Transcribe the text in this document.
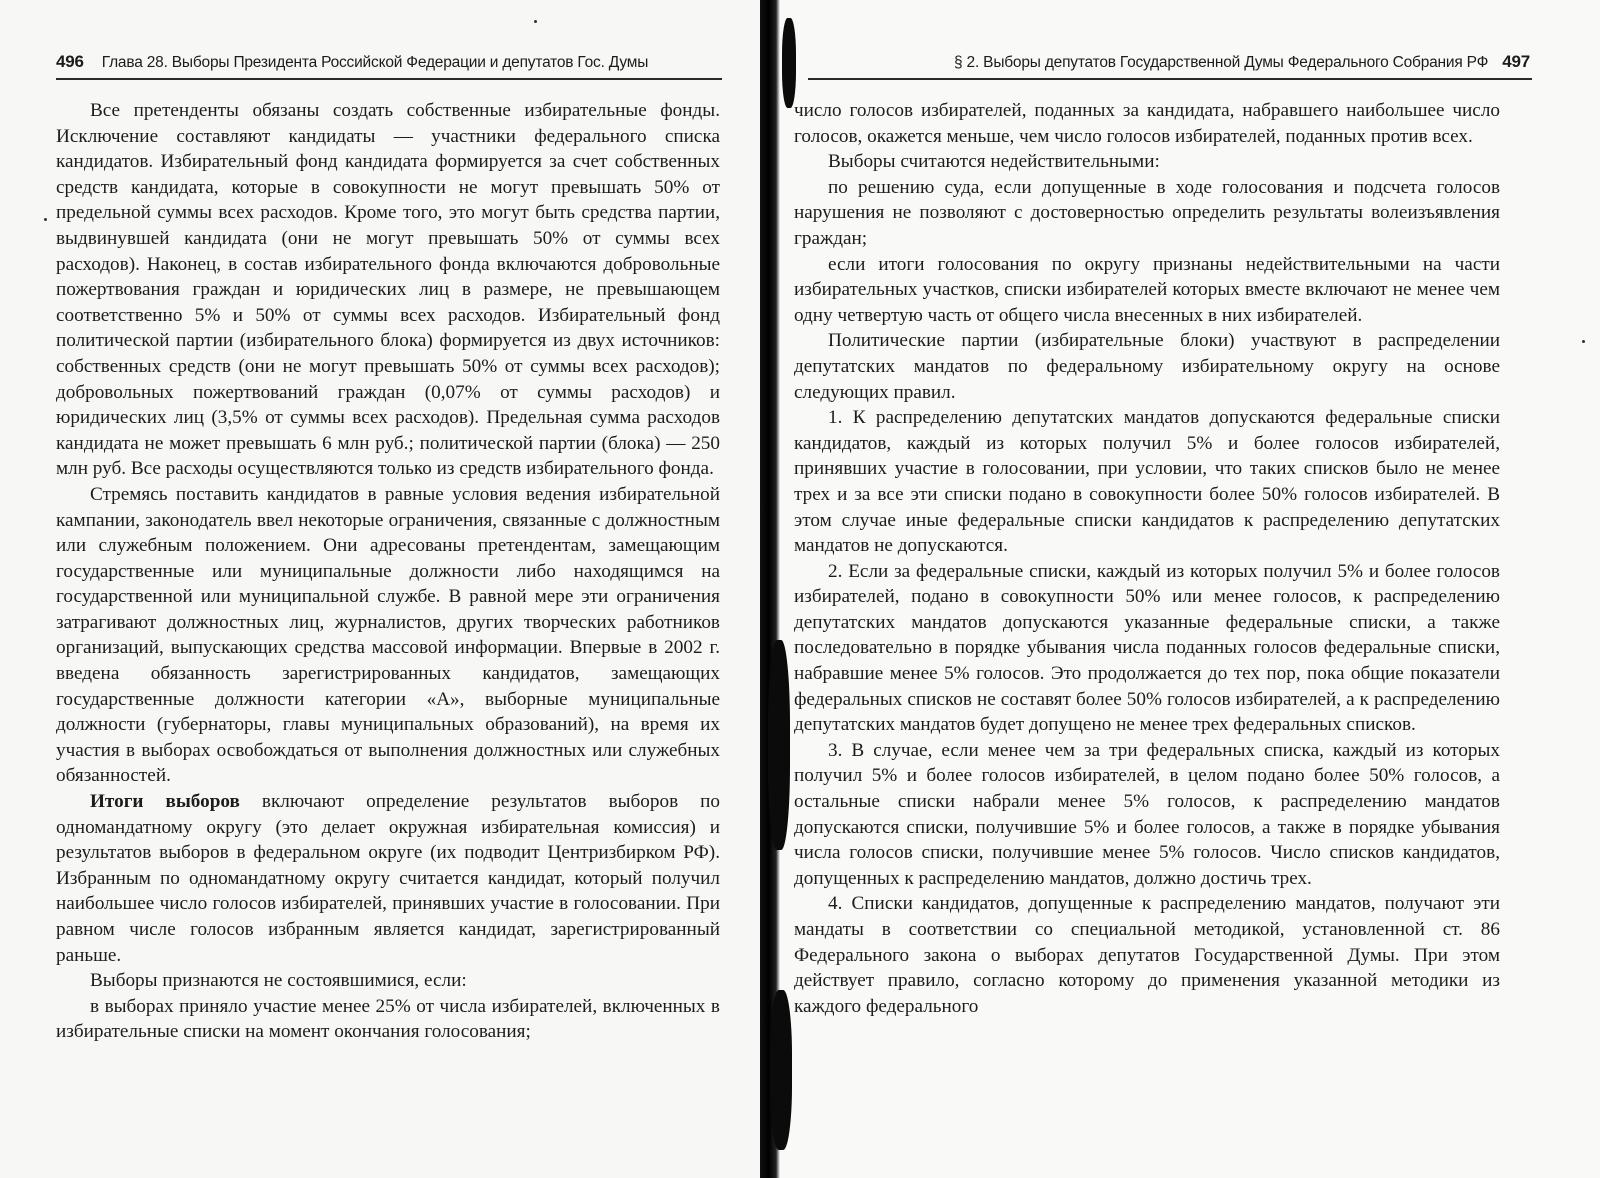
496 Глава 28. Выборы Президента Российской Федерации и депутатов Гос. Думы

Все претенденты обязаны создать собственные избирательные фонды. Исключение составляют кандидаты — участники федерального списка кандидатов. Избирательный фонд кандидата формируется за счет собственных средств кандидата, которые в совокупности не могут превышать 50% от предельной суммы всех расходов. Кроме того, это могут быть средства партии, выдвинувшей кандидата (они не могут превышать 50% от суммы всех расходов). Наконец, в состав избирательного фонда включаются добровольные пожертвования граждан и юридических лиц в размере, не превышающем соответственно 5% и 50% от суммы всех расходов. Избирательный фонд политической партии (избирательного блока) формируется из двух источников: собственных средств (они не могут превышать 50% от суммы всех расходов); добровольных пожертвований граждан (0,07% от суммы расходов) и юридических лиц (3,5% от суммы всех расходов). Предельная сумма расходов кандидата не может превышать 6 млн руб.; политической партии (блока) — 250 млн руб. Все расходы осуществляются только из средств избирательного фонда.

Стремясь поставить кандидатов в равные условия ведения избирательной кампании, законодатель ввел некоторые ограничения, связанные с должностным или служебным положением. Они адресованы претендентам, замещающим государственные или муниципальные должности либо находящимся на государственной или муниципальной службе. В равной мере эти ограничения затрагивают должностных лиц, журналистов, других творческих работников организаций, выпускающих средства массовой информации. Впервые в 2002 г. введена обязанность зарегистрированных кандидатов, замещающих государственные должности категории «А», выборные муниципальные должности (губернаторы, главы муниципальных образований), на время их участия в выборах освобождаться от выполнения должностных или служебных обязанностей.

Итоги выборов включают определение результатов выборов по одномандатному округу (это делает окружная избирательная комиссия) и результатов выборов в федеральном округе (их подводит Центризбирком РФ). Избранным по одномандатному округу считается кандидат, который получил наибольшее число голосов избирателей, принявших участие в голосовании. При равном числе голосов избранным является кандидат, зарегистрированный раньше.

Выборы признаются не состоявшимися, если:

в выборах приняло участие менее 25% от числа избирателей, включенных в избирательные списки на момент окончания голосования;

§ 2. Выборы депутатов Государственной Думы Федерального Собрания РФ 497

число голосов избирателей, поданных за кандидата, набравшего наибольшее число голосов, окажется меньше, чем число голосов избирателей, поданных против всех.

Выборы считаются недействительными:

по решению суда, если допущенные в ходе голосования и подсчета голосов нарушения не позволяют с достоверностью определить результаты волеизъявления граждан;

если итоги голосования по округу признаны недействительными на части избирательных участков, списки избирателей которых вместе включают не менее чем одну четвертую часть от общего числа внесенных в них избирателей.

Политические партии (избирательные блоки) участвуют в распределении депутатских мандатов по федеральному избирательному округу на основе следующих правил.

1. К распределению депутатских мандатов допускаются федеральные списки кандидатов, каждый из которых получил 5% и более голосов избирателей, принявших участие в голосовании, при условии, что таких списков было не менее трех и за все эти списки подано в совокупности более 50% голосов избирателей. В этом случае иные федеральные списки кандидатов к распределению депутатских мандатов не допускаются.

2. Если за федеральные списки, каждый из которых получил 5% и более голосов избирателей, подано в совокупности 50% или менее голосов, к распределению депутатских мандатов допускаются указанные федеральные списки, а также последовательно в порядке убывания числа поданных голосов федеральные списки, набравшие менее 5% голосов. Это продолжается до тех пор, пока общие показатели федеральных списков не составят более 50% голосов избирателей, а к распределению депутатских мандатов будет допущено не менее трех федеральных списков.

3. В случае, если менее чем за три федеральных списка, каждый из которых получил 5% и более голосов избирателей, в целом подано более 50% голосов, а остальные списки набрали менее 5% голосов, к распределению мандатов допускаются списки, получившие 5% и более голосов, а также в порядке убывания числа голосов списки, получившие менее 5% голосов. Число списков кандидатов, допущенных к распределению мандатов, должно достичь трех.

4. Списки кандидатов, допущенные к распределению мандатов, получают эти мандаты в соответствии со специальной методикой, установленной ст. 86 Федерального закона о выборах депутатов Государственной Думы. При этом действует правило, согласно которому до применения указанной методики из каждого федерального
